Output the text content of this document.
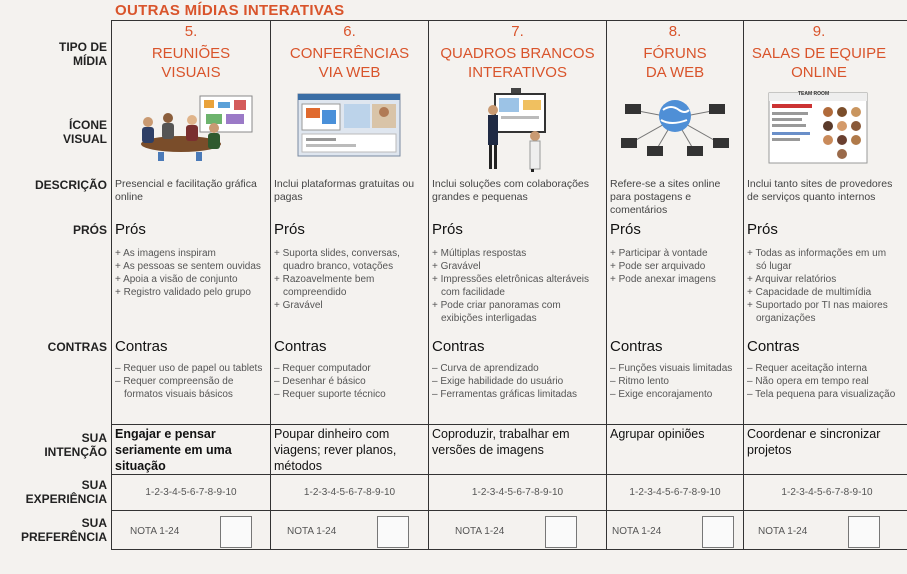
OUTRAS MÍDIAS INTERATIVAS
TIPO DE MÍDIA
ÍCONE VISUAL
DESCRIÇÃO
PRÓS
CONTRAS
SUA INTENÇÃO
SUA EXPERIÊNCIA
SUA PREFERÊNCIA
5.
REUNIÕES VISUAIS
Presencial e facilitação gráfica online
Prós
+ As imagens inspiram
+ As pessoas se sentem ouvidas
+ Apoia a visão de conjunto
+ Registro validado pelo grupo
Contras
– Requer uso de papel ou tablets
– Requer compreensão de formatos visuais básicos
Engajar e pensar seriamente em uma situação
1-2-3-4-5-6-7-8-9-10
NOTA 1-24
6.
CONFERÊNCIAS VIA WEB
Inclui plataformas gratuitas ou pagas
Prós
+ Suporta slides, conversas, quadro branco, votações
+ Razoavelmente bem compreendido
+ Gravável
Contras
– Requer computador
– Desenhar é básico
– Requer suporte técnico
Poupar dinheiro com viagens; rever planos, métodos
1-2-3-4-5-6-7-8-9-10
NOTA 1-24
7.
QUADROS BRANCOS INTERATIVOS
Inclui soluções com colaborações grandes e pequenas
Prós
+ Múltiplas respostas
+ Gravável
+ Impressões eletrônicas alteráveis com facilidade
+ Pode criar panoramas com exibições interligadas
Contras
– Curva de aprendizado
– Exige habilidade do usuário
– Ferramentas gráficas limitadas
Coproduzir, trabalhar em versões de imagens
1-2-3-4-5-6-7-8-9-10
NOTA 1-24
8.
FÓRUNS DA WEB
Refere-se a sites online para postagens e comentários
Prós
+ Participar à vontade
+ Pode ser arquivado
+ Pode anexar imagens
Contras
– Funções visuais limitadas
– Ritmo lento
– Exige encorajamento
Agrupar opiniões
1-2-3-4-5-6-7-8-9-10
NOTA 1-24
9.
SALAS DE EQUIPE ONLINE
TEAM ROOM
Inclui tanto sites de provedores de serviços quanto internos
Prós
+ Todas as informações em um só lugar
+ Arquivar relatórios
+ Capacidade de multimídia
+ Suportado por TI nas maiores organizações
Contras
– Requer aceitação interna
– Não opera em tempo real
– Tela pequena para visualização
Coordenar e sincronizar projetos
1-2-3-4-5-6-7-8-9-10
NOTA 1-24
